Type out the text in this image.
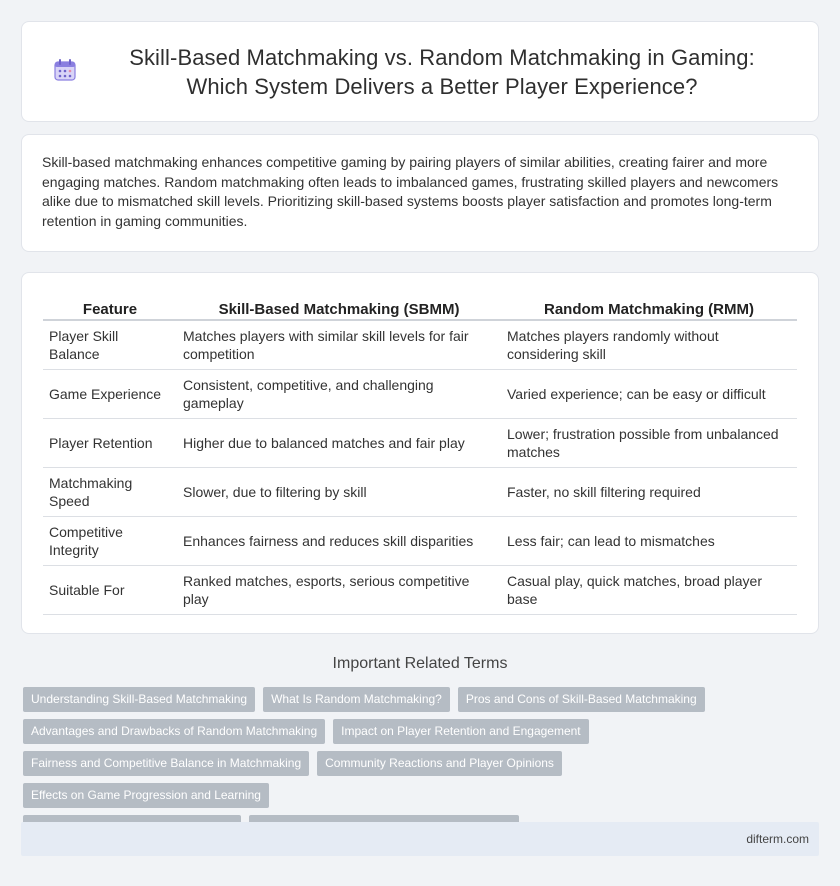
Skill-Based Matchmaking vs. Random Matchmaking in Gaming: Which System Delivers a Better Player Experience?

Skill-based matchmaking enhances competitive gaming by pairing players of similar abilities, creating fairer and more engaging matches. Random matchmaking often leads to imbalanced games, frustrating skilled players and newcomers alike due to mismatched skill levels. Prioritizing skill-based systems boosts player satisfaction and promotes long-term retention in gaming communities.

Feature	Skill-Based Matchmaking (SBMM)	Random Matchmaking (RMM)
Player Skill Balance	Matches players with similar skill levels for fair competition	Matches players randomly without considering skill
Game Experience	Consistent, competitive, and challenging gameplay	Varied experience; can be easy or difficult
Player Retention	Higher due to balanced matches and fair play	Lower; frustration possible from unbalanced matches
Matchmaking Speed	Slower, due to filtering by skill	Faster, no skill filtering required
Competitive Integrity	Enhances fairness and reduces skill disparities	Less fair; can lead to mismatches
Suitable For	Ranked matches, esports, serious competitive play	Casual play, quick matches, broad player base
Important Related Terms
Understanding Skill-Based Matchmaking	What Is Random Matchmaking?	Pros and Cons of Skill-Based Matchmaking
Advantages and Drawbacks of Random Matchmaking	Impact on Player Retention and Engagement
Fairness and Competitive Balance in Matchmaking	Community Reactions and Player Opinions
Effects on Game Progression and Learning
difterm.com
